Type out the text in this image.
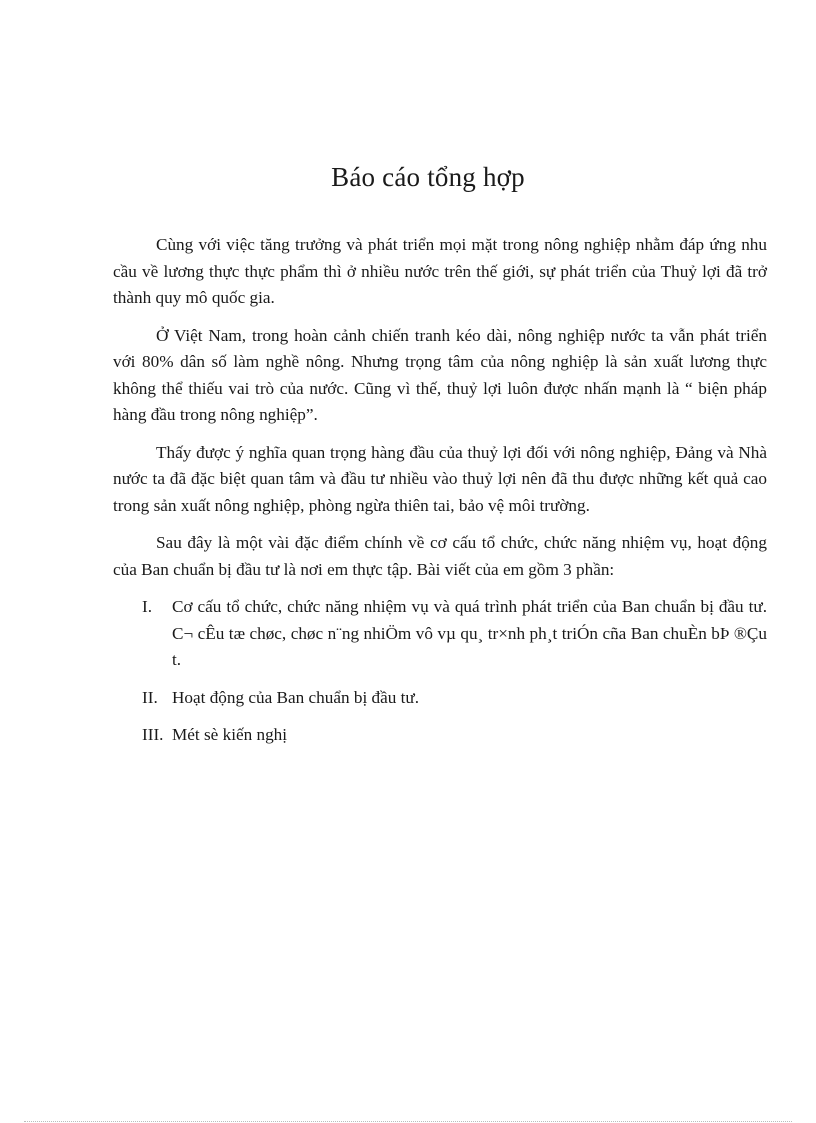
Báo cáo tổng hợp

Cùng với việc tăng trưởng và phát triển mọi mặt trong nông nghiệp nhằm đáp ứng nhu cầu về lương thực thực phẩm thì ở nhiều nước trên thế giới, sự phát triển của Thuỷ lợi đã trở thành quy mô quốc gia.

Ở Việt Nam, trong hoàn cảnh chiến tranh kéo dài, nông nghiệp nước ta vẫn phát triển với 80% dân số làm nghề nông. Nhưng trọng tâm của nông nghiệp là sản xuất lương thực không thể thiếu vai trò của nước. Cũng vì thế, thuỷ lợi luôn được nhấn mạnh là “ biện pháp hàng đầu trong nông nghiệp”.

Thấy được ý nghĩa quan trọng hàng đầu của thuỷ lợi đối với nông nghiệp, Đảng và Nhà nước ta đã đặc biệt quan tâm và đầu tư nhiều vào thuỷ lợi nên đã thu được những kết quả cao trong sản xuất nông nghiệp, phòng ngừa thiên tai, bảo vệ môi trường.

Sau đây là một vài đặc điểm chính về cơ cấu tổ chức, chức năng nhiệm vụ, hoạt động của Ban chuẩn bị đầu tư là nơi em thực tập. Bài viết của em gồm 3 phần:

I. Cơ cấu tổ chức, chức năng nhiệm vụ và quá trình phát triển của Ban chuẩn bị đầu tư. C¬ cÊu tæ chøc, chøc n¨ng nhiÖm vô vµ qu¸ tr×nh ph¸t triÓn cña Ban chuÈn bÞ ®Çu t.
II. Hoạt động của Ban chuẩn bị đầu tư.
III. Mét sè kiến nghị
